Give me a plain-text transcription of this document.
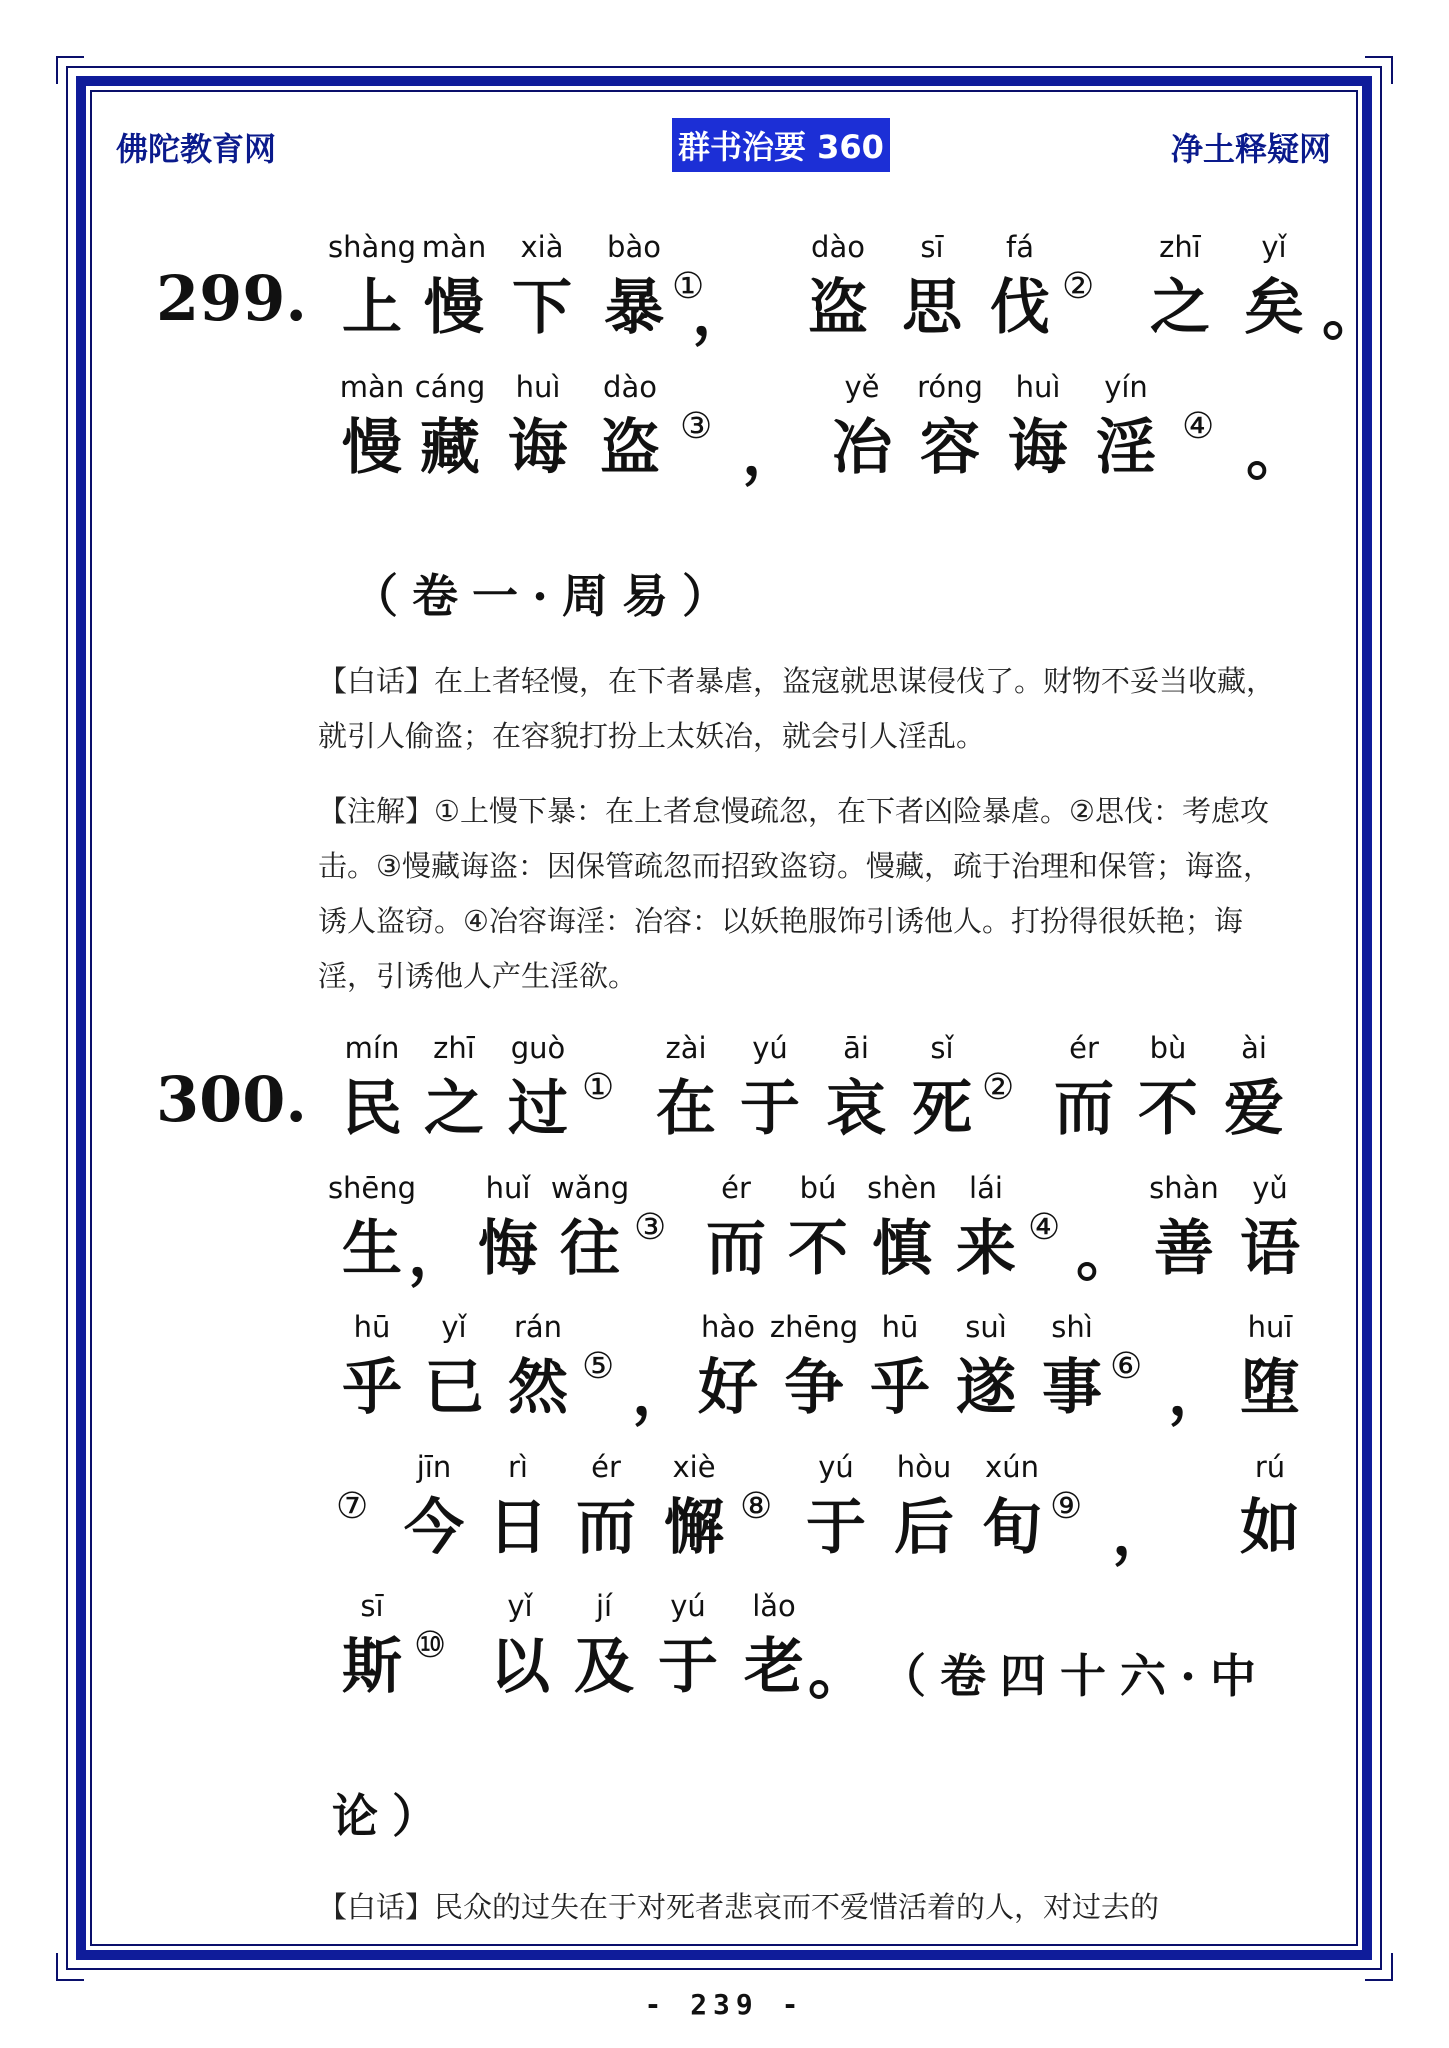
佛陀教育网	群书治要 360	净土释疑网
299.
shàng
上
màn
慢
xià
下
bào
暴 ①
，
dào
盗
sī
思
fá
伐 ②
zhī
之
yǐ
矣 。
màn
慢
cáng
藏
huì
诲
dào
盗 ③ ，
yě
冶
róng
容
huì
诲
yín
淫 ④ 。
（卷一·周易）
【白话】在上者轻慢，在下者暴虐，盗寇就思谋侵伐了。财物不妥当收藏，就引人偷盗；在容貌打扮上太妖冶，就会引人淫乱。
【注解】①上慢下暴：在上者怠慢疏忽，在下者凶险暴虐。②思伐：考虑攻击。③慢藏诲盗：因保管疏忽而招致盗窃。慢藏，疏于治理和保管；诲盗，诱人盗窃。④冶容诲淫：冶容：以妖艳服饰引诱他人。打扮得很妖艳；诲淫，引诱他人产生淫欲。
300.
mín
民
zhī
之
guò
过 ①
zài
在
yú
于
āi
哀
sǐ
死 ②
ér
而
bù
不
ài
爱
shēng
生 ，
huǐ
悔
wǎng
往 ③
ér
而
bú
不
shèn
慎
lái
来 ④ 。
shàn
善
yǔ
语
hū
乎
yǐ
已
rán
然 ⑤ ，
hào
好
zhēng
争
hū
乎
suì
遂
shì
事 ⑥ ，
huī
堕
⑦
jīn
今
rì
日
ér
而
xiè
懈 ⑧
yú
于
hòu
后
xún
旬 ⑨ ，
rú
如
sī
斯 ⑩
yǐ
以
jí
及
yú
于
lǎo
老 。 （卷四十六·中
论）
【白话】民众的过失在于对死者悲哀而不爱惜活着的人，对过去的
- 239 -
